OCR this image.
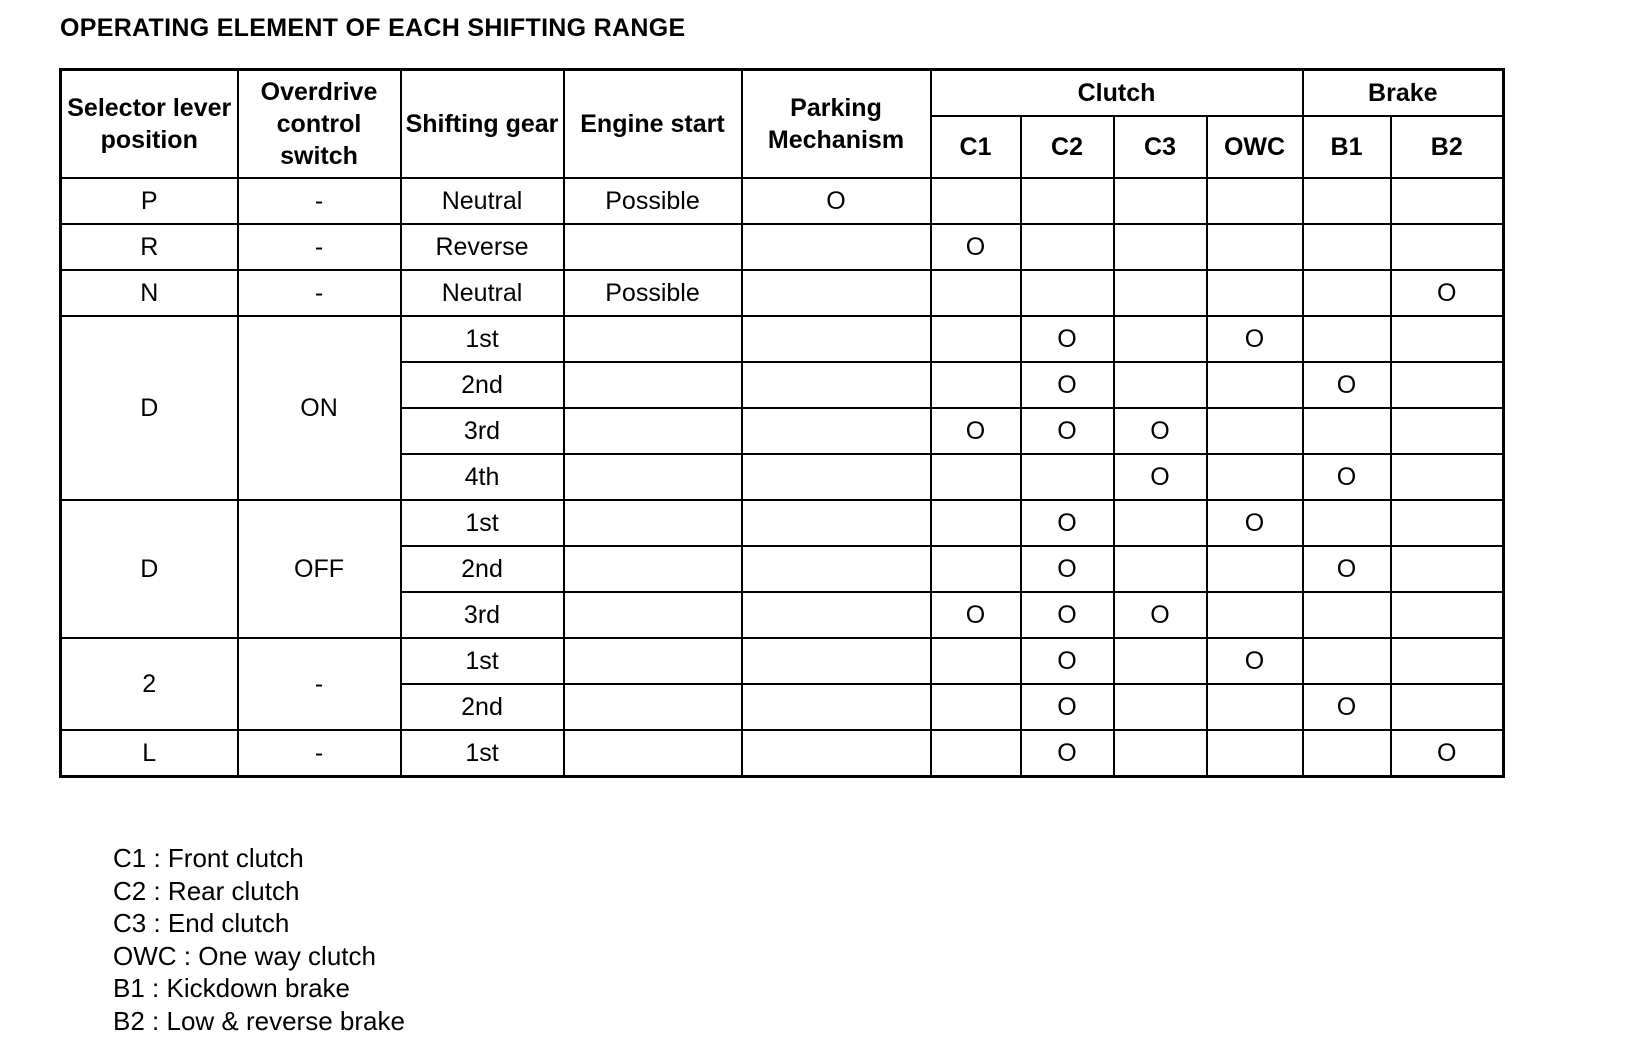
OPERATING ELEMENT OF EACH SHIFTING RANGE
Selector lever position	Overdrive control switch	Shifting gear	Engine start	Parking Mechanism	Clutch				Brake	
					C1	C2	C3	OWC	B1	B2
P	-	Neutral	Possible	O						
R	-	Reverse			O					
N	-	Neutral	Possible							O
D	ON	1st				O		O		
		2nd				O			O	
		3rd			O	O	O			
		4th					O		O	
D	OFF	1st				O		O		
		2nd				O			O	
		3rd			O	O	O			
2	-	1st				O		O		
		2nd				O			O	
L	-	1st				O				O
C1 : Front clutch
C2 : Rear clutch
C3 : End clutch
OWC : One way clutch
B1 : Kickdown brake
B2 : Low & reverse brake
